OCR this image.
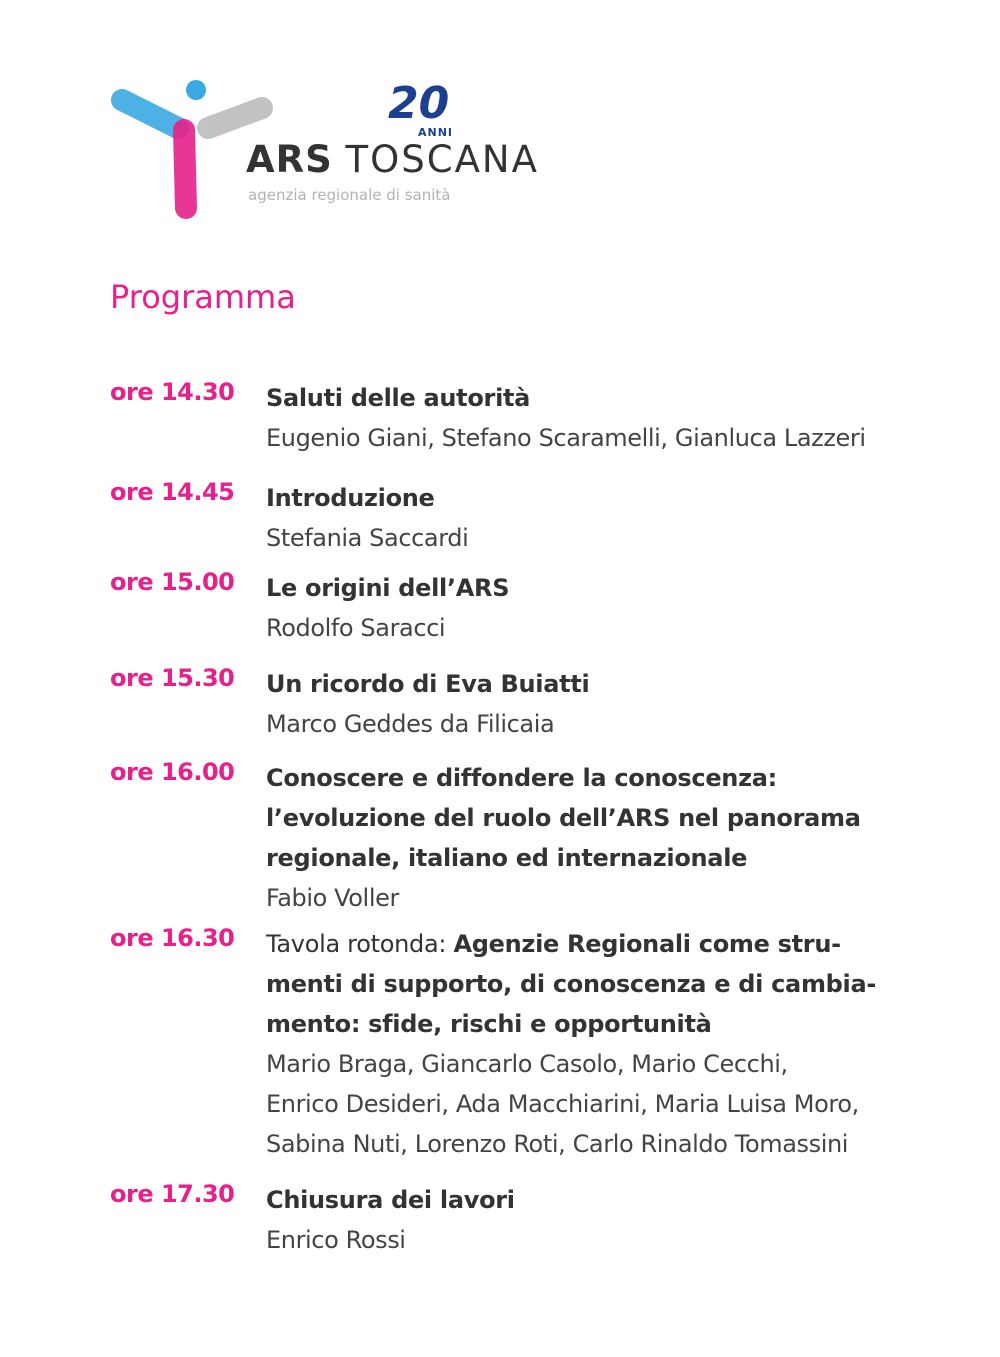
20
ANNI
ARS TOSCANA
agenzia regionale di sanità
Programma
ore 14.30 Saluti delle autorità
Eugenio Giani, Stefano Scaramelli, Gianluca Lazzeri
ore 14.45 Introduzione
Stefania Saccardi
ore 15.00 Le origini dell’ARS
Rodolfo Saracci
ore 15.30 Un ricordo di Eva Buiatti
Marco Geddes da Filicaia
ore 16.00 Conoscere e diffondere la conoscenza:
l’evoluzione del ruolo dell’ARS nel panorama
regionale, italiano ed internazionale
Fabio Voller
ore 16.30 Tavola rotonda: Agenzie Regionali come stru-
menti di supporto, di conoscenza e di cambia-
mento: sfide, rischi e opportunità
Mario Braga, Giancarlo Casolo, Mario Cecchi,
Enrico Desideri, Ada Macchiarini, Maria Luisa Moro,
Sabina Nuti, Lorenzo Roti, Carlo Rinaldo Tomassini
ore 17.30 Chiusura dei lavori
Enrico Rossi
